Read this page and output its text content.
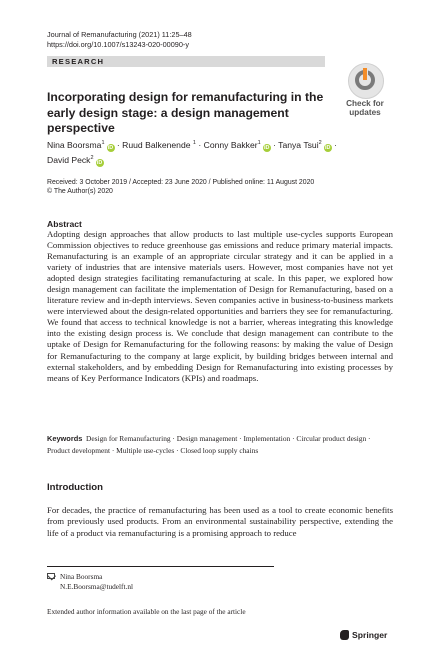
Journal of Remanufacturing (2021) 11:25–48
https://doi.org/10.1007/s13243-020-00090-y
RESEARCH
Check for
updates
Incorporating design for remanufacturing in the early design stage: a design management perspective
Nina Boorsma$^1$iD · Ruud Balkenende $^1$ · Conny Bakker$^1$iD · Tanya Tsui$^2$iD ·
David Peck$^2$iD
Received: 3 October 2019 / Accepted: 23 June 2020 / Published online: 11 August 2020
© The Author(s) 2020
Abstract
Adopting design approaches that allow products to last multiple use-cycles supports European Commission objectives to reduce greenhouse gas emissions and reduce primary material impacts. Remanufacturing is an example of an appropriate circular strategy and it can be applied in a variety of industries that are intensive materials users. However, most companies have not yet adopted design strategies facilitating remanufacturing at scale. In this paper, we explored how design management can facilitate the implementation of Design for Remanufacturing, based on a literature review and in-depth interviews. Seven companies active in business-to-business markets were interviewed about the design-related opportunities and barriers they see for remanufacturing. We found that access to technical knowledge is not a barrier, whereas integrating this knowledge into the existing design process is. We conclude that design management can contribute to the uptake of Design for Remanufacturing for the following reasons: by making the value of Design for Remanufacturing to the company at large explicit, by building bridges between internal and external stakeholders, and by embedding Design for Remanufacturing into existing processes by means of Key Performance Indicators (KPIs) and roadmaps.
Keywords Design for Remanufacturing · Design management · Implementation · Circular product design · Product development · Multiple use-cycles · Closed loop supply chains
Introduction
For decades, the practice of remanufacturing has been used as a tool to create economic benefits from previously used products. From an environmental sustainability perspective, extending the life of a product via remanufacturing is a promising approach to reduce
Nina Boorsma
N.E.Boorsma@tudelft.nl
Extended author information available on the last page of the article
Springer
